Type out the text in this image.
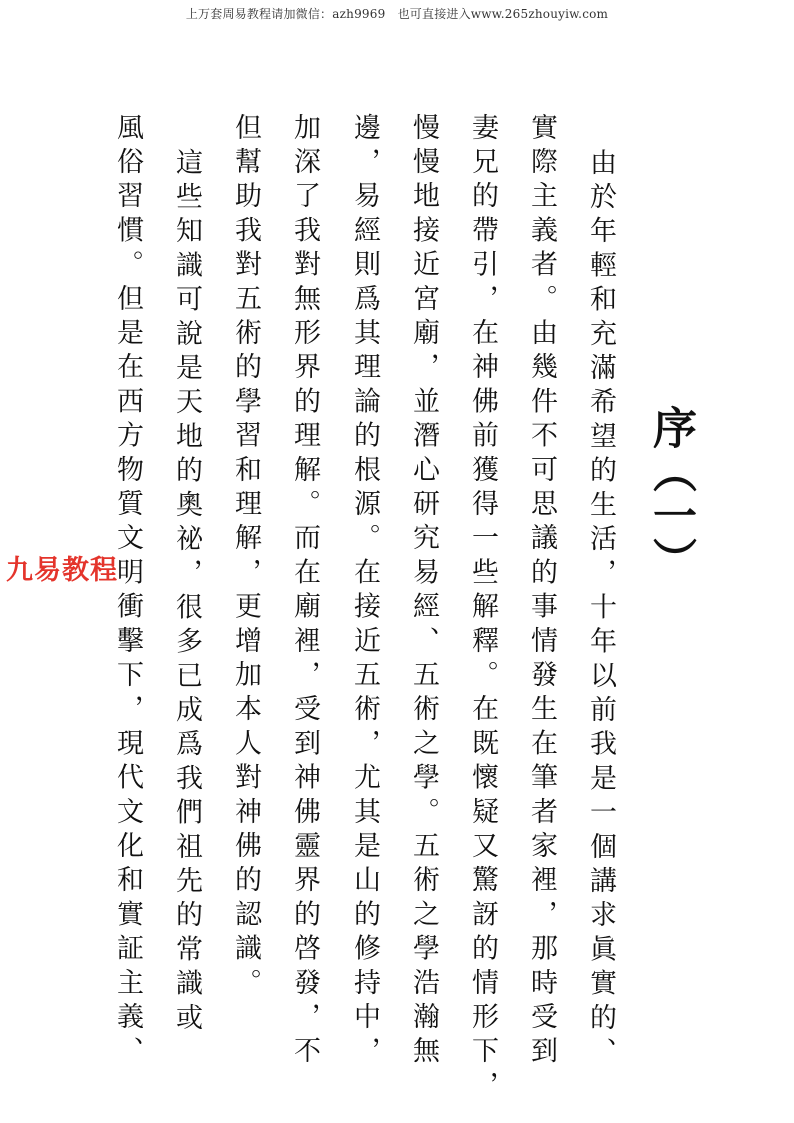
上万套周易教程请加微信：azh9969　也可直接进入www.265zhouyiw.com
序（一）
由於年輕和充滿希望的生活，十年以前我是一個講求眞實的、
實際主義者。由幾件不可思議的事情發生在筆者家裡，那時受到
妻兄的帶引，在神佛前獲得一些解釋。在既懷疑又驚訝的情形下，
慢慢地接近宮廟，並潛心研究易經、五術之學。五術之學浩瀚無
邊，易經則爲其理論的根源。在接近五術，尤其是山的修持中，
加深了我對無形界的理解。而在廟裡，受到神佛靈界的啓發，不
但幫助我對五術的學習和理解，更增加本人對神佛的認識。
這些知識可說是天地的奧祕，很多已成爲我們祖先的常識或
風俗習慣。但是在西方物質文明衝擊下，現代文化和實証主義、
九易教程
